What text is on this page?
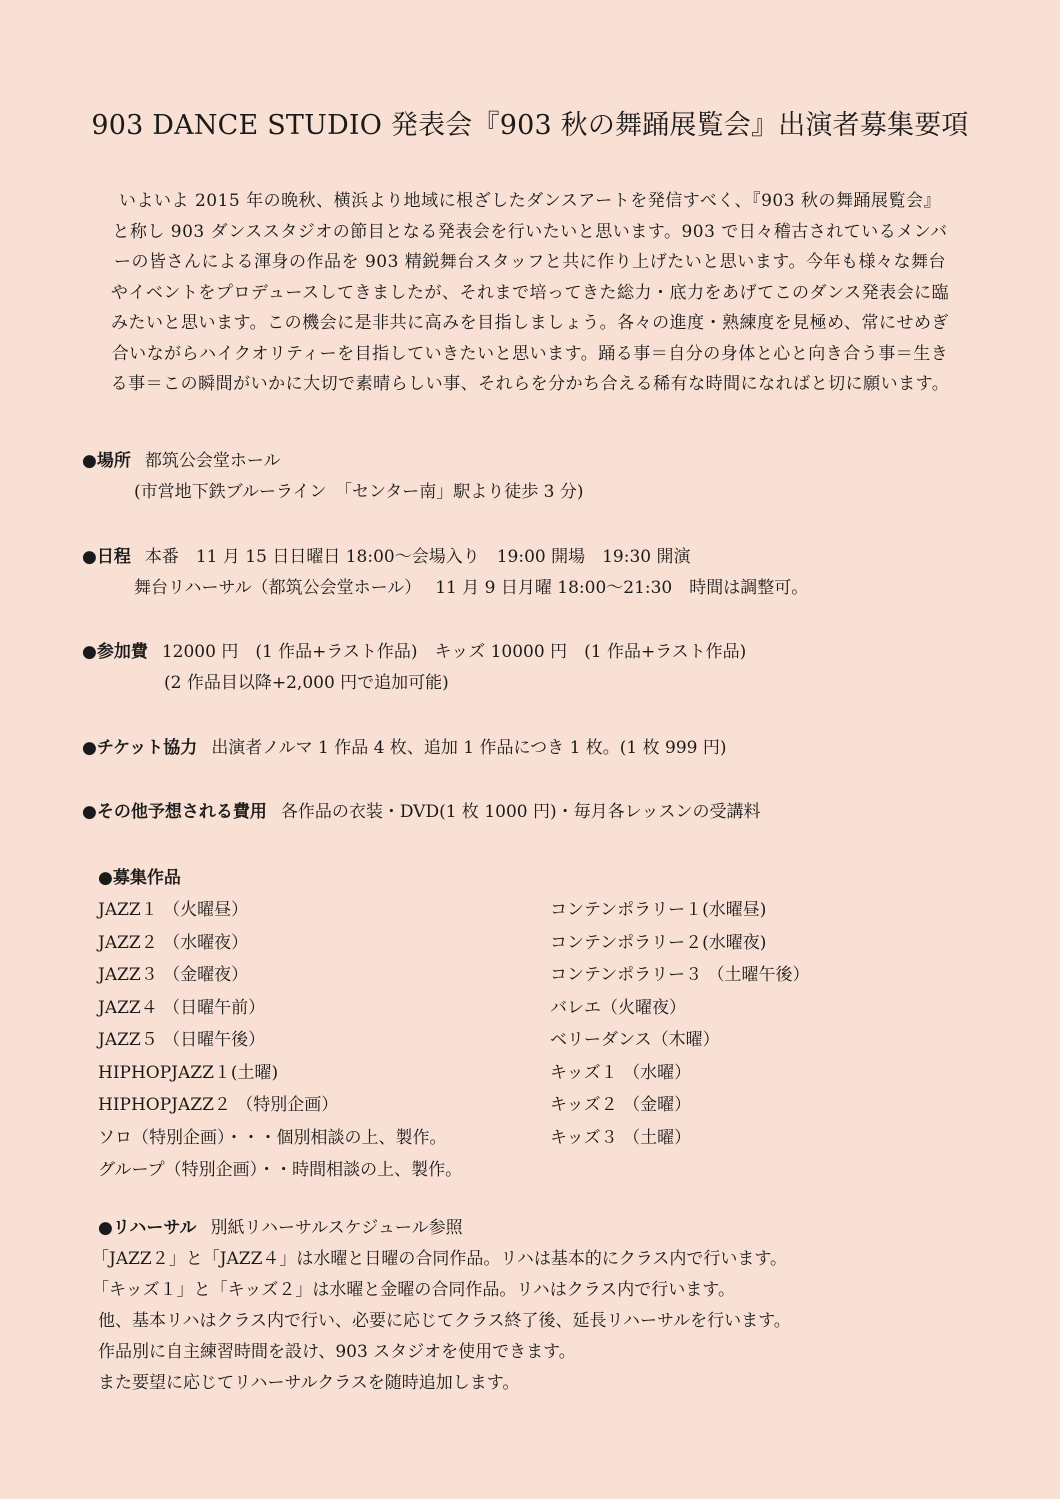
903 DANCE STUDIO 発表会『903 秋の舞踊展覧会』出演者募集要項
いよいよ 2015 年の晩秋、横浜より地域に根ざしたダンスアートを発信すべく、『903 秋の舞踊展覧会』
と称し 903 ダンススタジオの節目となる発表会を行いたいと思います。903 で日々稽古されているメンバ
ーの皆さんによる渾身の作品を 903 精鋭舞台スタッフと共に作り上げたいと思います。今年も様々な舞台
やイベントをプロデュースしてきましたが、それまで培ってきた総力・底力をあげてこのダンス発表会に臨
みたいと思います。この機会に是非共に高みを目指しましょう。各々の進度・熟練度を見極め、常にせめぎ
合いながらハイクオリティーを目指していきたいと思います。踊る事＝自分の身体と心と向き合う事＝生き
る事＝この瞬間がいかに大切で素晴らしい事、それらを分かち合える稀有な時間になればと切に願います。
●場所 都筑公会堂ホール
(市営地下鉄ブルーライン　「センター南」駅より徒歩 3 分)
●日程 本番　11 月 15 日日曜日 18:00～会場入り　19:00 開場　19:30 開演
舞台リハーサル（都筑公会堂ホール）　 11 月 9 日月曜 18:00～21:30　時間は調整可。
●参加費 12000 円　(1 作品+ラスト作品)　キッズ 10000 円　(1 作品+ラスト作品)
(2 作品目以降+2,000 円で追加可能)
●チケット協力 出演者ノルマ 1 作品 4 枚、追加 1 作品につき 1 枚。(1 枚 999 円)
●その他予想される費用 各作品の衣装・DVD(1 枚 1000 円)・毎月各レッスンの受講料
●募集作品
JAZZ１ （火曜昼）
JAZZ２ （水曜夜）
JAZZ３ （金曜夜）
JAZZ４ （日曜午前）
JAZZ５ （日曜午後）
HIPHOPJAZZ１(土曜)
HIPHOPJAZZ２ （特別企画）
ソロ（特別企画）・・・個別相談の上、製作。
グループ（特別企画）・・時間相談の上、製作。
コンテンポラリー１(水曜昼)
コンテンポラリー２(水曜夜)
コンテンポラリー３ （土曜午後）
バレエ（火曜夜）
ベリーダンス（木曜）
キッズ１ （水曜）
キッズ２ （金曜）
キッズ３ （土曜）
●リハーサル 別紙リハーサルスケジュール参照
「JAZZ２」と「JAZZ４」は水曜と日曜の合同作品。リハは基本的にクラス内で行います。
「キッズ１」と「キッズ２」は水曜と金曜の合同作品。リハはクラス内で行います。
他、基本リハはクラス内で行い、必要に応じてクラス終了後、延長リハーサルを行います。
作品別に自主練習時間を設け、903 スタジオを使用できます。
また要望に応じてリハーサルクラスを随時追加します。
